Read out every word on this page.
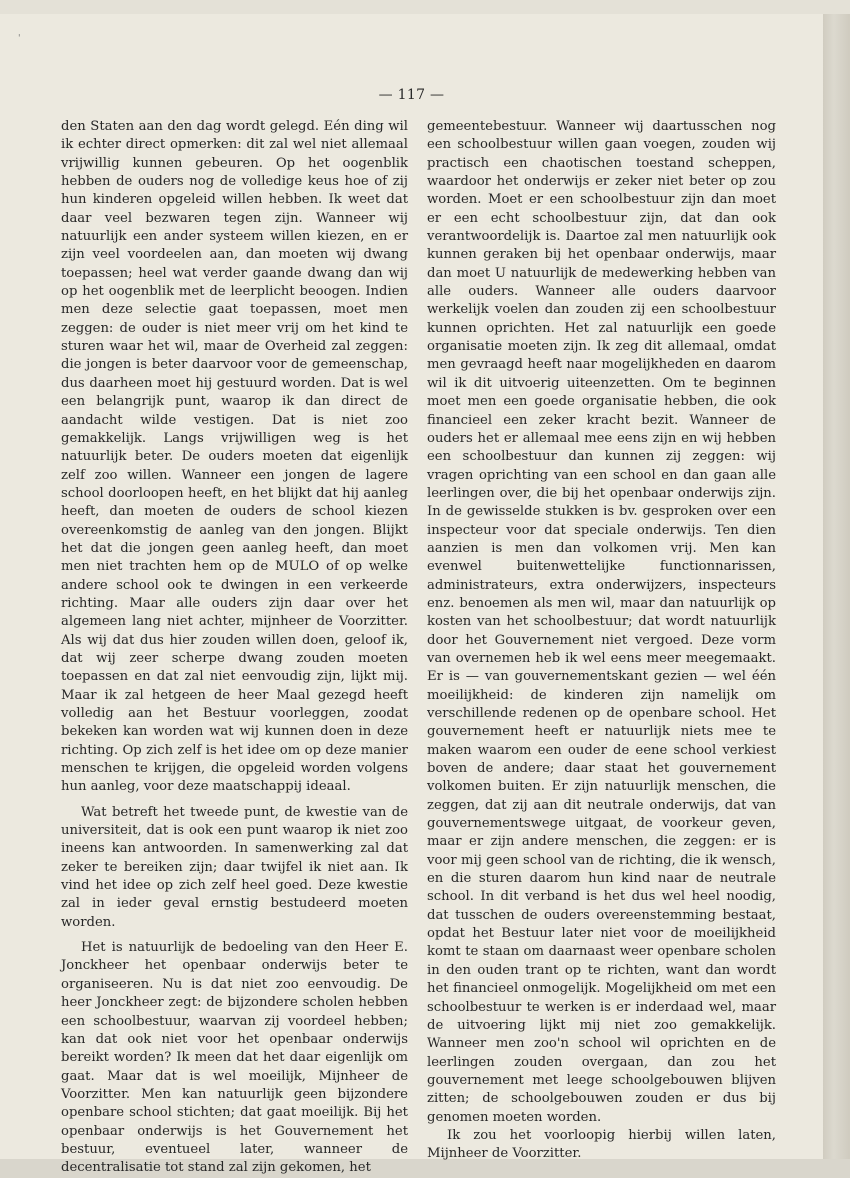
'
— 117 —

den Staten aan den dag wordt gelegd. Eén ding wil ik echter direct opmerken: dit zal wel niet allemaal vrijwillig kunnen gebeuren. Op het oogenblik hebben de ouders nog de volledige keus hoe of zij hun kinderen opgeleid willen hebben. Ik weet dat daar veel bezwaren tegen zijn. Wanneer wij natuurlijk een ander systeem willen kiezen, en er zijn veel voordeelen aan, dan moeten wij dwang toepassen; heel wat verder gaande dwang dan wij op het oogenblik met de leerplicht beoogen. Indien men deze selectie gaat toepassen, moet men zeggen: de ouder is niet meer vrij om het kind te sturen waar het wil, maar de Overheid zal zeggen: die jongen is beter daarvoor voor de gemeenschap, dus daarheen moet hij gestuurd worden. Dat is wel een belangrijk punt, waarop ik dan direct de aandacht wilde vestigen. Dat is niet zoo gemakkelijk. Langs vrijwilligen weg is het natuurlijk beter. De ouders moeten dat eigenlijk zelf zoo willen. Wanneer een jongen de lagere school doorloopen heeft, en het blijkt dat hij aanleg heeft, dan moeten de ouders de school kiezen overeenkomstig de aanleg van den jongen. Blijkt het dat die jongen geen aanleg heeft, dan moet men niet trachten hem op de MULO of op welke andere school ook te dwingen in een verkeerde richting. Maar alle ouders zijn daar over het algemeen lang niet achter, mijnheer de Voorzitter. Als wij dat dus hier zouden willen doen, geloof ik, dat wij zeer scherpe dwang zouden moeten toepassen en dat zal niet eenvoudig zijn, lijkt mij. Maar ik zal hetgeen de heer Maal gezegd heeft volledig aan het Bestuur voorleggen, zoodat bekeken kan worden wat wij kunnen doen in deze richting. Op zich zelf is het idee om op deze manier menschen te krijgen, die opgeleid worden volgens hun aanleg, voor deze maatschappij ideaal.

Wat betreft het tweede punt, de kwestie van de universiteit, dat is ook een punt waarop ik niet zoo ineens kan antwoorden. In samenwerking zal dat zeker te bereiken zijn; daar twijfel ik niet aan. Ik vind het idee op zich zelf heel goed. Deze kwestie zal in ieder geval ernstig bestudeerd moeten worden.

Het is natuurlijk de bedoeling van den Heer E. Jonckheer het openbaar onderwijs beter te organiseeren. Nu is dat niet zoo eenvoudig. De heer Jonckheer zegt: de bijzondere scholen hebben een schoolbestuur, waarvan zij voordeel hebben; kan dat ook niet voor het openbaar onderwijs bereikt worden? Ik meen dat het daar eigenlijk om gaat. Maar dat is wel moeilijk, Mijnheer de Voorzitter. Men kan natuurlijk geen bijzondere openbare school stichten; dat gaat moeilijk. Bij het openbaar onderwijs is het Gouvernement het bestuur, eventueel later, wanneer de decentralisatie tot stand zal zijn gekomen, het

gemeentebestuur. Wanneer wij daartusschen nog een schoolbestuur willen gaan voegen, zouden wij practisch een chaotischen toestand scheppen, waardoor het onderwijs er zeker niet beter op zou worden. Moet er een schoolbestuur zijn dan moet er een echt schoolbestuur zijn, dat dan ook verantwoordelijk is. Daartoe zal men natuurlijk ook kunnen geraken bij het openbaar onderwijs, maar dan moet U natuurlijk de medewerking hebben van alle ouders. Wanneer alle ouders daarvoor werkelijk voelen dan zouden zij een schoolbestuur kunnen oprichten. Het zal natuurlijk een goede organisatie moeten zijn. Ik zeg dit allemaal, omdat men gevraagd heeft naar mogelijkheden en daarom wil ik dit uitvoerig uiteenzetten. Om te beginnen moet men een goede organisatie hebben, die ook financieel een zeker kracht bezit. Wanneer de ouders het er allemaal mee eens zijn en wij hebben een schoolbestuur dan kunnen zij zeggen: wij vragen oprichting van een school en dan gaan alle leerlingen over, die bij het openbaar onderwijs zijn. In de gewisselde stukken is bv. gesproken over een inspecteur voor dat speciale onderwijs. Ten dien aanzien is men dan volkomen vrij. Men kan evenwel buitenwettelijke functionnarissen, administrateurs, extra onderwijzers, inspecteurs enz. benoemen als men wil, maar dan natuurlijk op kosten van het schoolbestuur; dat wordt natuurlijk door het Gouvernement niet vergoed. Deze vorm van overnemen heb ik wel eens meer meegemaakt. Er is — van gouvernementskant gezien — wel één moeilijkheid: de kinderen zijn namelijk om verschillende redenen op de openbare school. Het gouvernement heeft er natuurlijk niets mee te maken waarom een ouder de eene school verkiest boven de andere; daar staat het gouvernement volkomen buiten. Er zijn natuurlijk menschen, die zeggen, dat zij aan dit neutrale onderwijs, dat van gouvernementswege uitgaat, de voorkeur geven, maar er zijn andere menschen, die zeggen: er is voor mij geen school van de richting, die ik wensch, en die sturen daarom hun kind naar de neutrale school. In dit verband is het dus wel heel noodig, dat tusschen de ouders overeenstemming bestaat, opdat het Bestuur later niet voor de moeilijkheid komt te staan om daarnaast weer openbare scholen in den ouden trant op te richten, want dan wordt het financieel onmogelijk. Mogelijkheid om met een schoolbestuur te werken is er inderdaad wel, maar de uitvoering lijkt mij niet zoo gemakkelijk. Wanneer men zoo'n school wil oprichten en de leerlingen zouden overgaan, dan zou het gouvernement met leege schoolgebouwen blijven zitten; de schoolgebouwen zouden er dus bij genomen moeten worden.

Ik zou het voorloopig hierbij willen laten, Mijnheer de Voorzitter.
